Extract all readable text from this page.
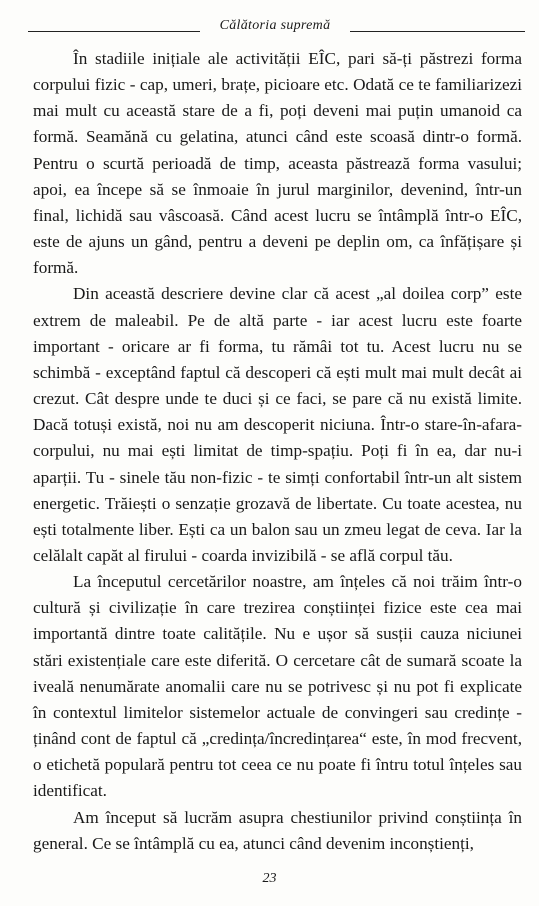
Călătoria supremă

În stadiile inițiale ale activității EÎC, pari să-ți păstrezi forma corpului fizic - cap, umeri, brațe, picioare etc. Odată ce te familiarizezi mai mult cu această stare de a fi, poți deveni mai puțin umanoid ca formă. Seamănă cu gelatina, atunci când este scoasă dintr-o formă. Pentru o scurtă perioadă de timp, aceasta păstrează forma vasului; apoi, ea începe să se înmoaie în jurul marginilor, devenind, într-un final, lichidă sau vâscoasă. Când acest lucru se întâmplă într-o EÎC, este de ajuns un gând, pentru a deveni pe deplin om, ca înfățișare și formă.

Din această descriere devine clar că acest „al doilea corp” este extrem de maleabil. Pe de altă parte - iar acest lucru este foarte important - oricare ar fi forma, tu rămâi tot tu. Acest lucru nu se schimbă - exceptând faptul că descoperi că ești mult mai mult decât ai crezut. Cât despre unde te duci și ce faci, se pare că nu există limite. Dacă totuși există, noi nu am descoperit niciuna. Într-o stare-în-afara-corpului, nu mai ești limitat de timp-spațiu. Poți fi în ea, dar nu-i aparții. Tu - sinele tău non-fizic - te simți confortabil într-un alt sistem energetic. Trăiești o senzație grozavă de libertate. Cu toate acestea, nu ești totalmente liber. Ești ca un balon sau un zmeu legat de ceva. Iar la celălalt capăt al firului - coarda invizibilă - se află corpul tău.

La începutul cercetărilor noastre, am înțeles că noi trăim într-o cultură și civilizație în care trezirea conștiinței fizice este cea mai importantă dintre toate calitățile. Nu e ușor să susții cauza niciunei stări existențiale care este diferită. O cercetare cât de sumară scoate la iveală nenumărate anomalii care nu se potrivesc și nu pot fi explicate în contextul limitelor sistemelor actuale de convingeri sau credințe - ținând cont de faptul că „credința/încredințarea“ este, în mod frecvent, o etichetă populară pentru tot ceea ce nu poate fi întru totul înțeles sau identificat.

Am început să lucrăm asupra chestiunilor privind conștiința în general. Ce se întâmplă cu ea, atunci când devenim inconștienți,

23
